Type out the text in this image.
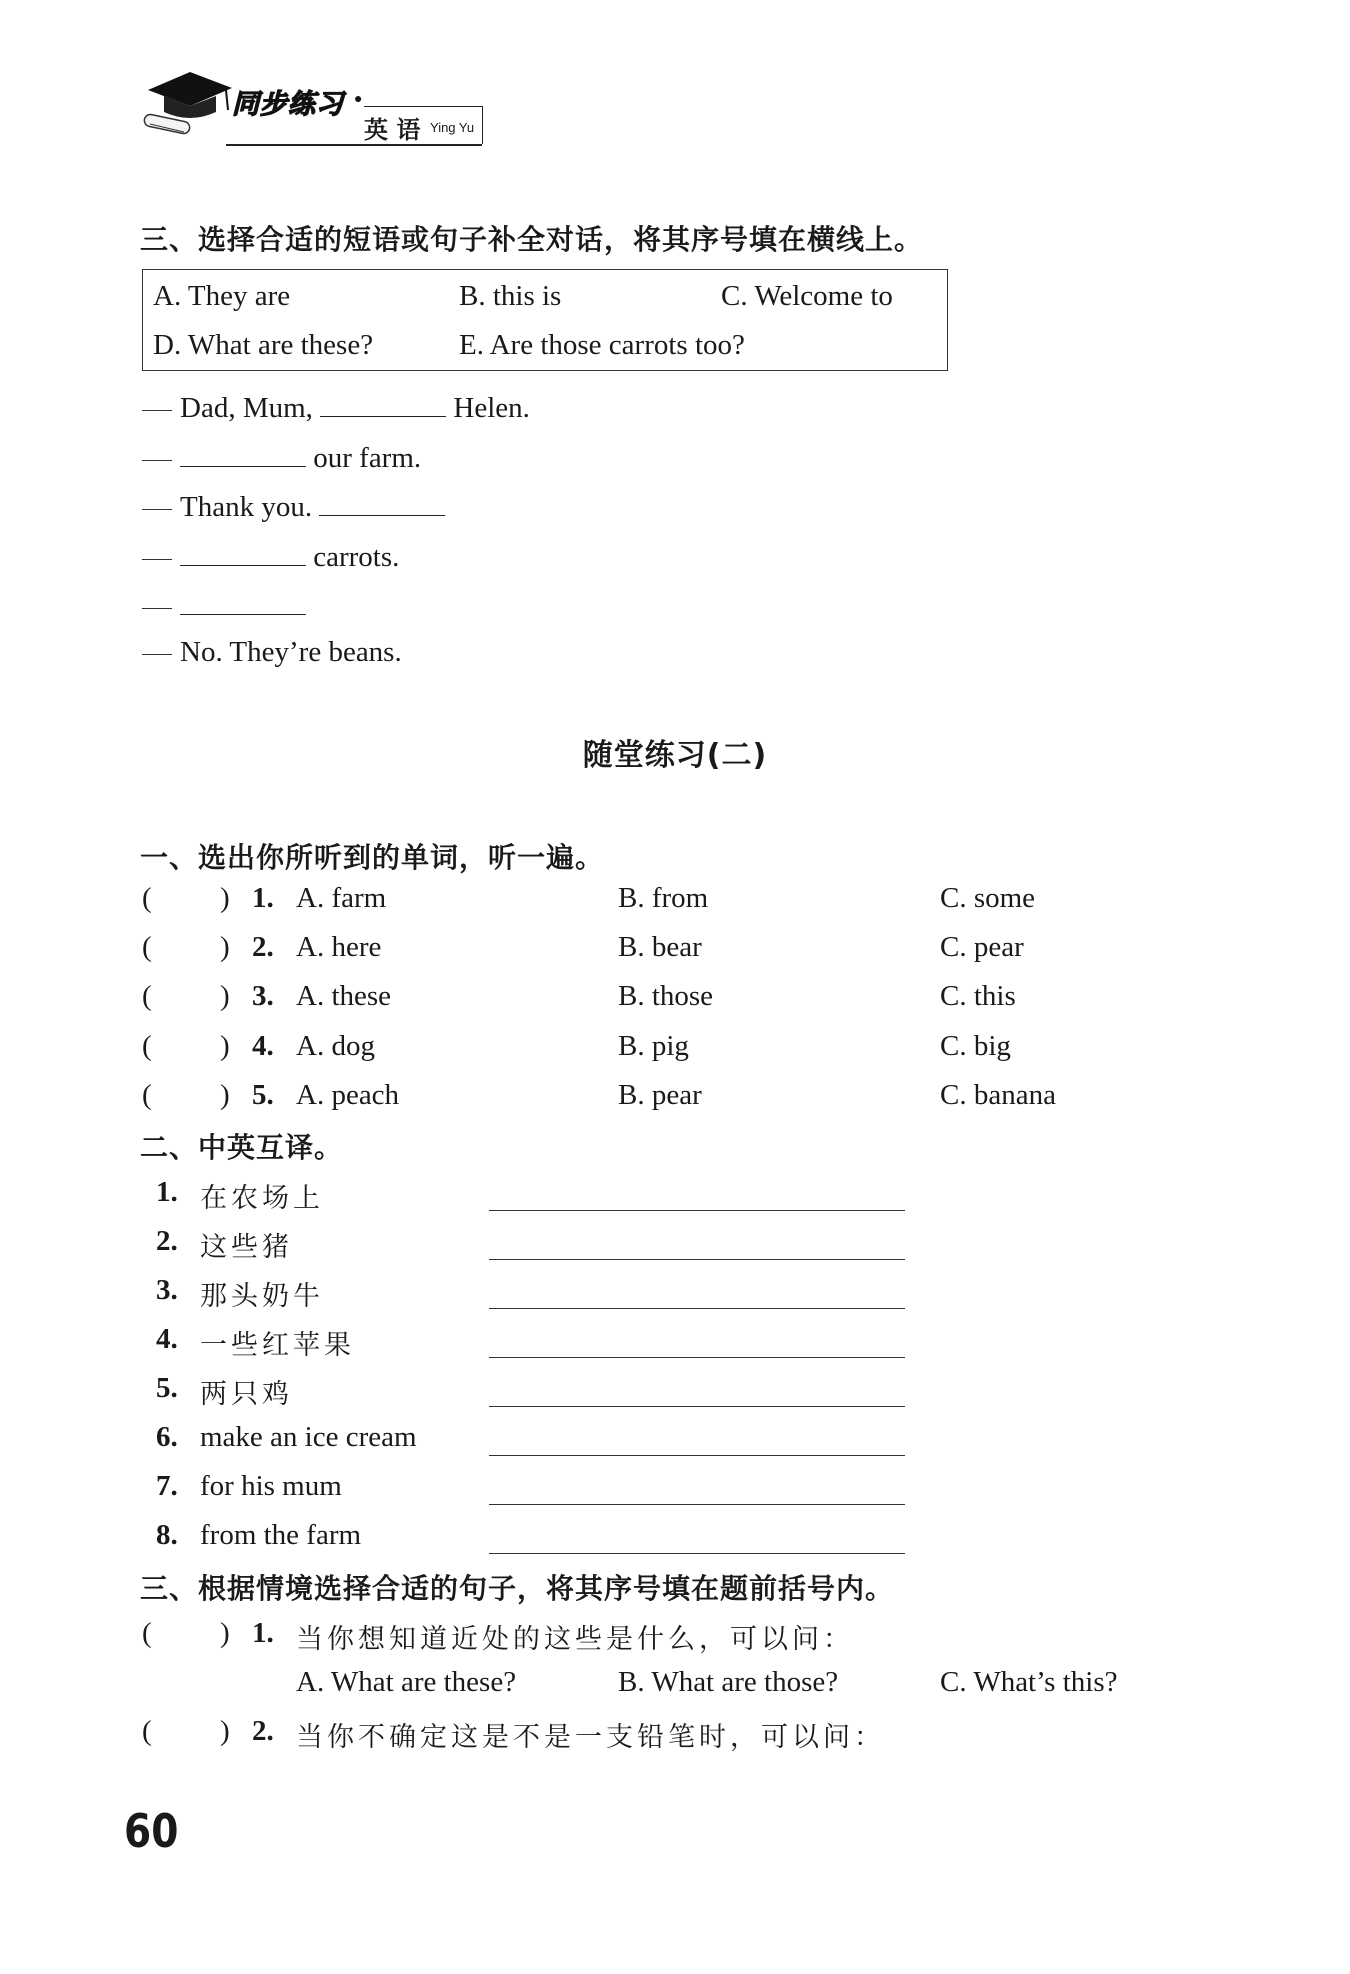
同步练习 ●
英 语 Ying Yu
三、选择合适的短语或句子补全对话，将其序号填在横线上。
A. They are	B. this is	C. Welcome to
D. What are these?	E. Are those carrots too?
Dad, Mum,	Helen.
our farm.
Thank you.
carrots.
No. They’re beans.
随堂练习(二)
一、选出你所听到的单词，听一遍。
( ) 1. A. farm	B. from	C. some
( ) 2. A. here	B. bear	C. pear
( ) 3. A. these	B. those	C. this
( ) 4. A. dog	B. pig	C. big
( ) 5. A. peach	B. pear	C. banana
二、中英互译。
1. 在农场上
2. 这些猪
3. 那头奶牛
4. 一些红苹果
5. 两只鸡
6. make an ice cream
7. for his mum
8. from the farm
三、根据情境选择合适的句子，将其序号填在题前括号内。
( ) 1. 当你想知道近处的这些是什么，可以问：
A. What are these?	B. What are those?	C. What’s this?
( ) 2. 当你不确定这是不是一支铅笔时，可以问：
60
